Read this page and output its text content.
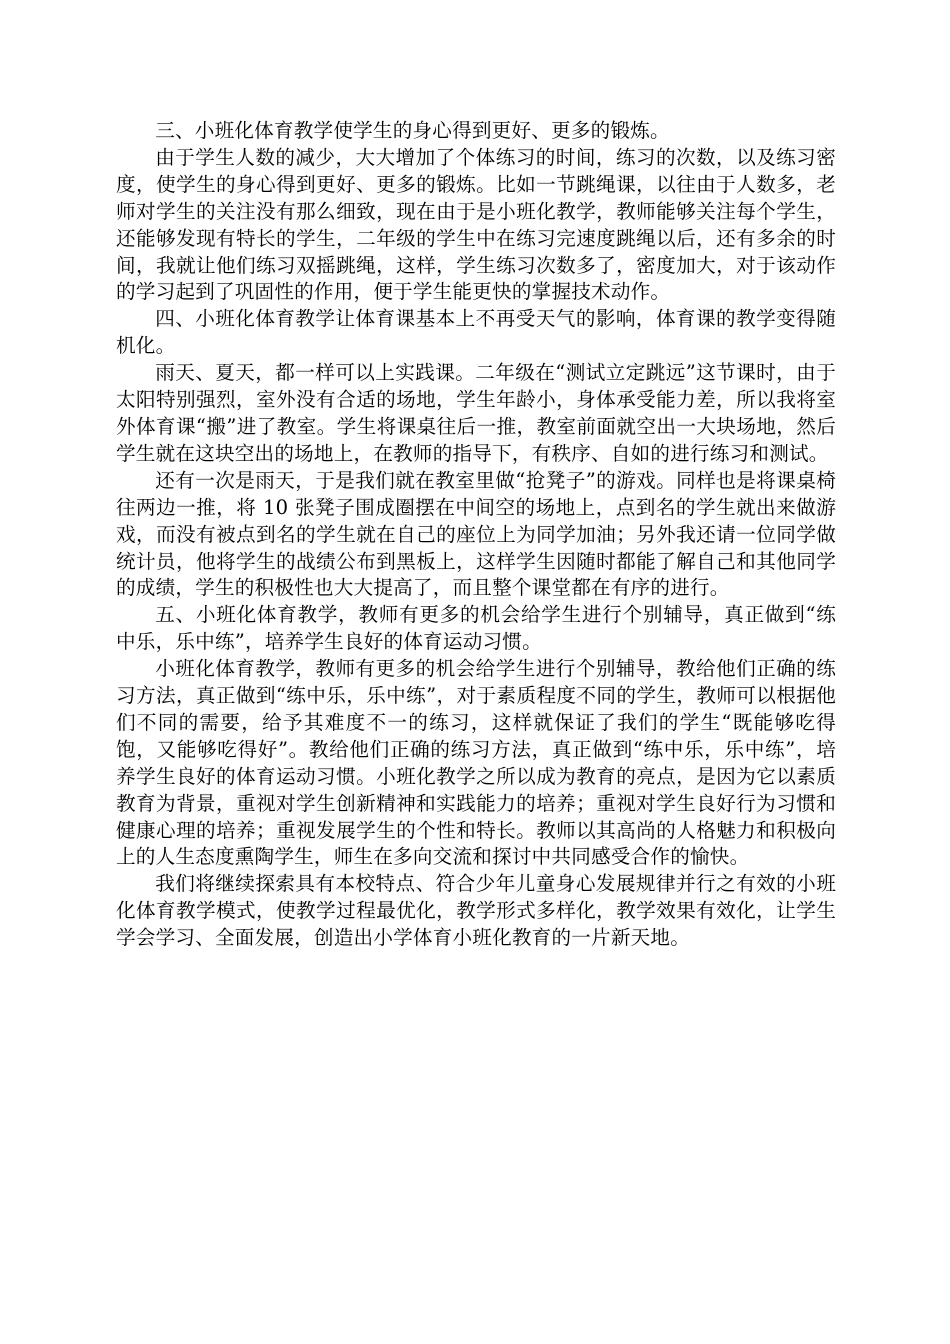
三、小班化体育教学使学生的身心得到更好、更多的锻炼。

由于学生人数的减少，大大增加了个体练习的时间，练习的次数，以及练习密度，使学生的身心得到更好、更多的锻炼。比如一节跳绳课，以往由于人数多，老师对学生的关注没有那么细致，现在由于是小班化教学，教师能够关注每个学生，还能够发现有特长的学生，二年级的学生中在练习完速度跳绳以后，还有多余的时间，我就让他们练习双摇跳绳，这样，学生练习次数多了，密度加大，对于该动作的学习起到了巩固性的作用，便于学生能更快的掌握技术动作。

四、小班化体育教学让体育课基本上不再受天气的影响，体育课的教学变得随机化。

雨天、夏天，都一样可以上实践课。二年级在“测试立定跳远”这节课时，由于太阳特别强烈，室外没有合适的场地，学生年龄小，身体承受能力差，所以我将室外体育课“搬”进了教室。学生将课桌往后一推，教室前面就空出一大块场地，然后学生就在这块空出的场地上，在教师的指导下，有秩序、自如的进行练习和测试。

还有一次是雨天，于是我们就在教室里做“抢凳子”的游戏。同样也是将课桌椅往两边一推，将 10 张凳子围成圈摆在中间空的场地上，点到名的学生就出来做游戏，而没有被点到名的学生就在自己的座位上为同学加油；另外我还请一位同学做统计员，他将学生的战绩公布到黑板上，这样学生因随时都能了解自己和其他同学的成绩，学生的积极性也大大提高了，而且整个课堂都在有序的进行。

五、小班化体育教学，教师有更多的机会给学生进行个别辅导，真正做到“练中乐，乐中练”，培养学生良好的体育运动习惯。

小班化体育教学，教师有更多的机会给学生进行个别辅导，教给他们正确的练习方法，真正做到“练中乐，乐中练”，对于素质程度不同的学生，教师可以根据他们不同的需要，给予其难度不一的练习，这样就保证了我们的学生“既能够吃得饱，又能够吃得好”。教给他们正确的练习方法，真正做到“练中乐，乐中练”，培养学生良好的体育运动习惯。小班化教学之所以成为教育的亮点，是因为它以素质教育为背景，重视对学生创新精神和实践能力的培养；重视对学生良好行为习惯和健康心理的培养；重视发展学生的个性和特长。教师以其高尚的人格魅力和积极向上的人生态度熏陶学生，师生在多向交流和探讨中共同感受合作的愉快。

我们将继续探索具有本校特点、符合少年儿童身心发展规律并行之有效的小班化体育教学模式，使教学过程最优化，教学形式多样化，教学效果有效化，让学生学会学习、全面发展，创造出小学体育小班化教育的一片新天地。
